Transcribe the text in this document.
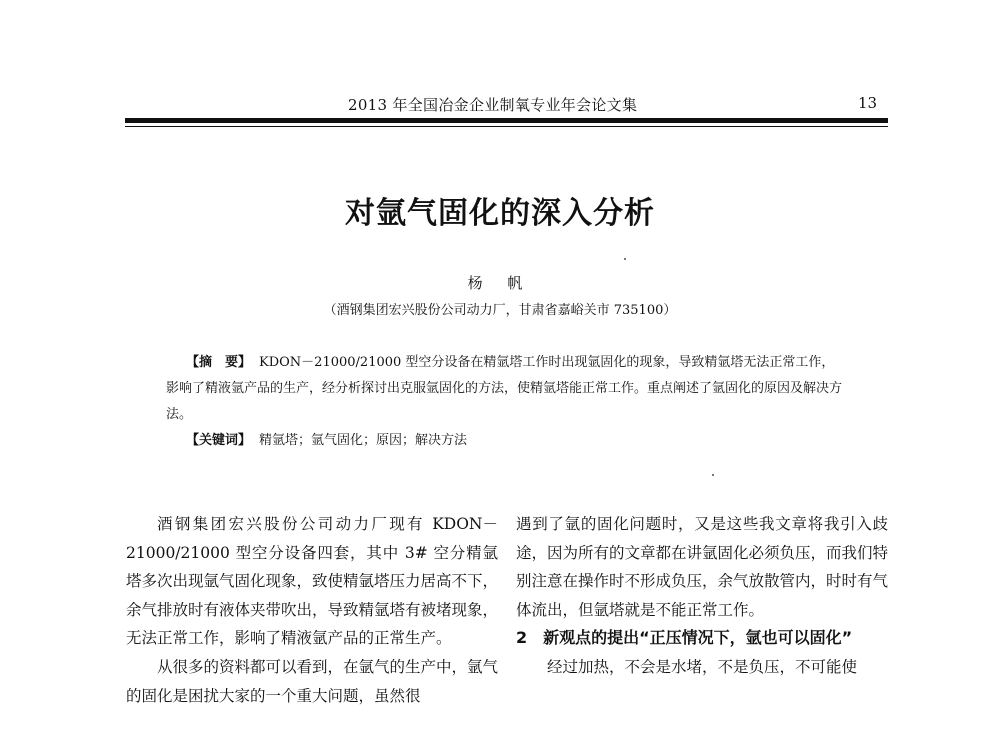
2013 年全国冶金企业制氧专业年会论文集	13
对氩气固化的深入分析
杨 帆
（酒钢集团宏兴股份公司动力厂，甘肃省嘉峪关市 735100）

【摘　要】 KDON－21000/21000 型空分设备在精氩塔工作时出现氩固化的现象，导致精氩塔无法正常工作，影响了精液氩产品的生产，经分析探讨出克服氩固化的方法，使精氩塔能正常工作。重点阐述了氩固化的原因及解决方法。

【关键词】 精氩塔；氩气固化；原因；解决方法

酒钢集团宏兴股份公司动力厂现有 KDON－21000/21000 型空分设备四套，其中 3# 空分精氩塔多次出现氩气固化现象，致使精氩塔压力居高不下，余气排放时有液体夹带吹出，导致精氩塔有被堵现象，无法正常工作，影响了精液氩产品的正常生产。

从很多的资料都可以看到，在氩气的生产中，氩气的固化是困扰大家的一个重大问题，虽然很

遇到了氩的固化问题时，又是这些我文章将我引入歧途，因为所有的文章都在讲氩固化必须负压，而我们特别注意在操作时不形成负压，余气放散管内，时时有气体流出，但氩塔就是不能正常工作。

2　新观点的提出“正压情况下，氩也可以固化”

经过加热，不会是水堵，不是负压，不可能使
